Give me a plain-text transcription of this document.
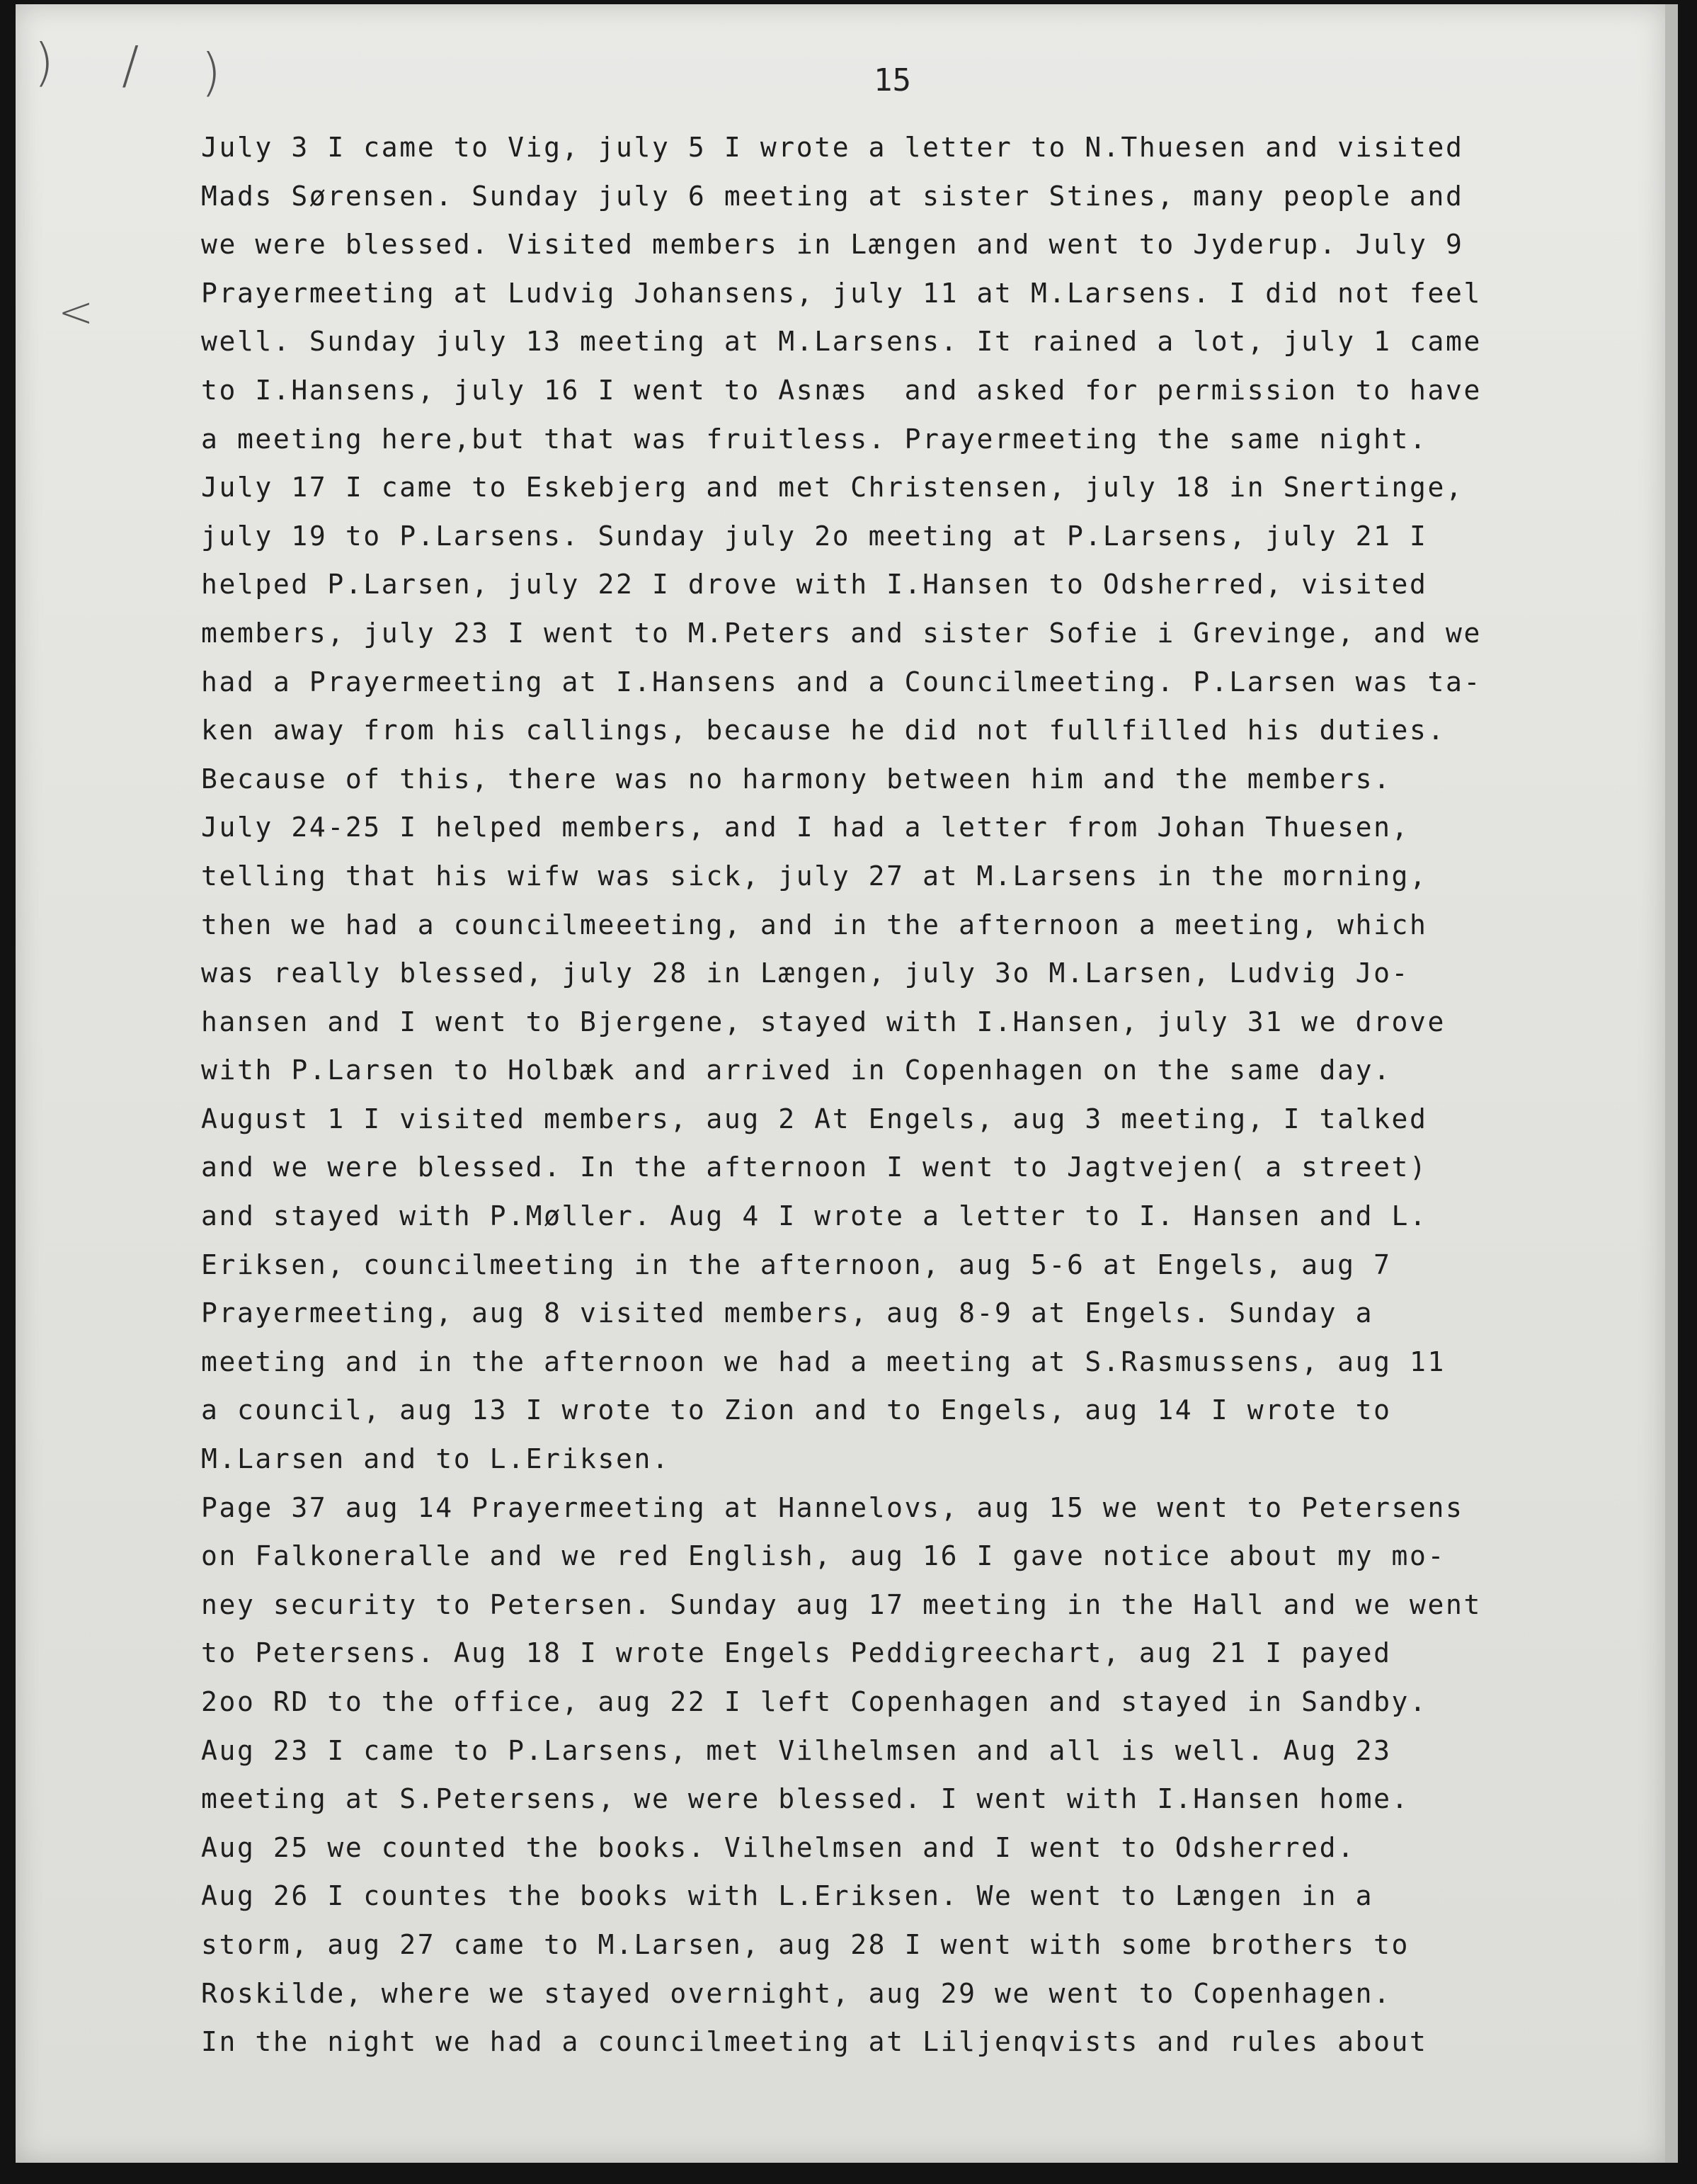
) / )
<
15
July 3 I came to Vig, july 5 I wrote a letter to N.Thuesen and visited
Mads Sørensen. Sunday july 6 meeting at sister Stines, many people and
we were blessed. Visited members in Længen and went to Jyderup. July 9
Prayermeeting at Ludvig Johansens, july 11 at M.Larsens. I did not feel
well. Sunday july 13 meeting at M.Larsens. It rained a lot, july 1 came
to I.Hansens, july 16 I went to Asnæs  and asked for permission to have
a meeting here,but that was fruitless. Prayermeeting the same night.
July 17 I came to Eskebjerg and met Christensen, july 18 in Snertinge,
july 19 to P.Larsens. Sunday july 2o meeting at P.Larsens, july 21 I
helped P.Larsen, july 22 I drove with I.Hansen to Odsherred, visited
members, july 23 I went to M.Peters and sister Sofie i Grevinge, and we
had a Prayermeeting at I.Hansens and a Councilmeeting. P.Larsen was ta-
ken away from his callings, because he did not fullfilled his duties.
Because of this, there was no harmony between him and the members.
July 24-25 I helped members, and I had a letter from Johan Thuesen,
telling that his wifw was sick, july 27 at M.Larsens in the morning,
then we had a councilmeeeting, and in the afternoon a meeting, which
was really blessed, july 28 in Længen, july 3o M.Larsen, Ludvig Jo-
hansen and I went to Bjergene, stayed with I.Hansen, july 31 we drove
with P.Larsen to Holbæk and arrived in Copenhagen on the same day.
August 1 I visited members, aug 2 At Engels, aug 3 meeting, I talked
and we were blessed. In the afternoon I went to Jagtvejen( a street)
and stayed with P.Møller. Aug 4 I wrote a letter to I. Hansen and L.
Eriksen, councilmeeting in the afternoon, aug 5-6 at Engels, aug 7
Prayermeeting, aug 8 visited members, aug 8-9 at Engels. Sunday a
meeting and in the afternoon we had a meeting at S.Rasmussens, aug 11
a council, aug 13 I wrote to Zion and to Engels, aug 14 I wrote to
M.Larsen and to L.Eriksen.
Page 37 aug 14 Prayermeeting at Hannelovs, aug 15 we went to Petersens
on Falkoneralle and we red English, aug 16 I gave notice about my mo-
ney security to Petersen. Sunday aug 17 meeting in the Hall and we went
to Petersens. Aug 18 I wrote Engels Peddigreechart, aug 21 I payed
2oo RD to the office, aug 22 I left Copenhagen and stayed in Sandby.
Aug 23 I came to P.Larsens, met Vilhelmsen and all is well. Aug 23
meeting at S.Petersens, we were blessed. I went with I.Hansen home.
Aug 25 we counted the books. Vilhelmsen and I went to Odsherred.
Aug 26 I countes the books with L.Eriksen. We went to Længen in a
storm, aug 27 came to M.Larsen, aug 28 I went with some brothers to
Roskilde, where we stayed overnight, aug 29 we went to Copenhagen.
In the night we had a councilmeeting at Liljenqvists and rules about
